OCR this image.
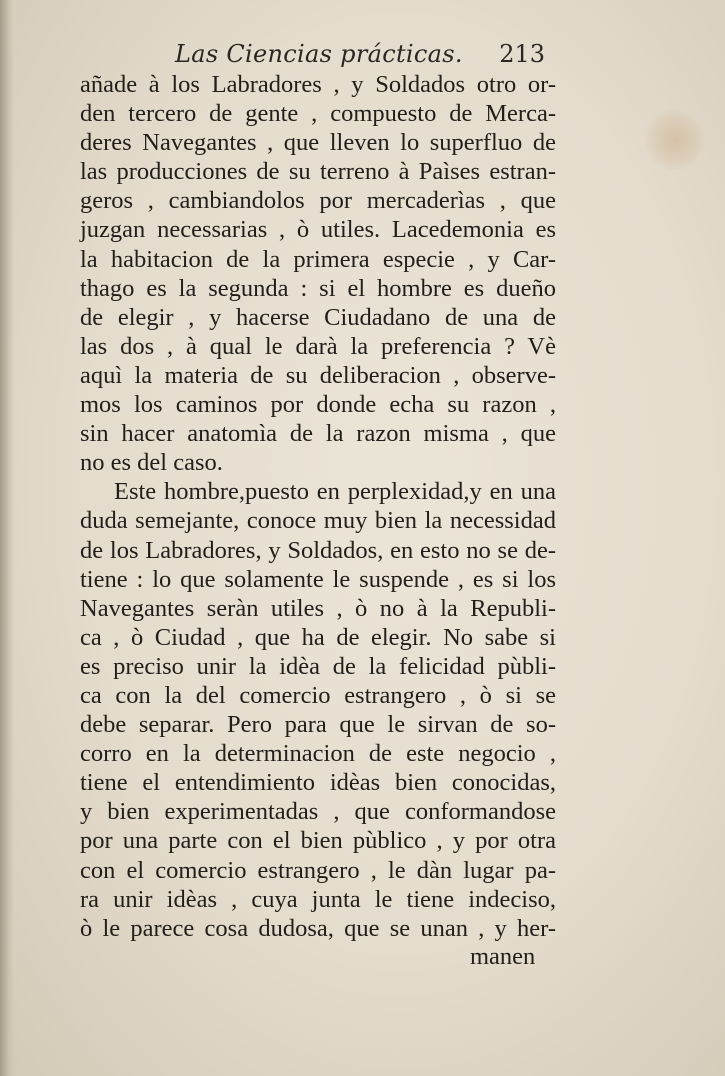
Las Ciencias prácticas. 213
añade à los Labradores , y Soldados otro or-
den tercero de gente , compuesto de Merca-
deres Navegantes , que lleven lo superfluo de
las producciones de su terreno à Paìses estran-
geros , cambiandolos por mercaderìas , que
juzgan necessarias , ò utiles. Lacedemonia es
la habitacion de la primera especie , y Car-
thago es la segunda : si el hombre es dueño
de elegir , y hacerse Ciudadano de una de
las dos , à qual le darà la preferencia ? Vè
aquì la materia de su deliberacion , observe-
mos los caminos por donde echa su razon ,
sin hacer anatomìa de la razon misma , que
no es del caso.
Este hombre,puesto en perplexidad,y en una
duda semejante, conoce muy bien la necessidad
de los Labradores, y Soldados, en esto no se de-
tiene : lo que solamente le suspende , es si los
Navegantes seràn utiles , ò no à la Republi-
ca , ò Ciudad , que ha de elegir. No sabe si
es preciso unir la idèa de la felicidad pùbli-
ca con la del comercio estrangero , ò si se
debe separar. Pero para que le sirvan de so-
corro en la determinacion de este negocio ,
tiene el entendimiento idèas bien conocidas,
y bien experimentadas , que conformandose
por una parte con el bien pùblico , y por otra
con el comercio estrangero , le dàn lugar pa-
ra unir idèas , cuya junta le tiene indeciso,
ò le parece cosa dudosa, que se unan , y her-
manen
